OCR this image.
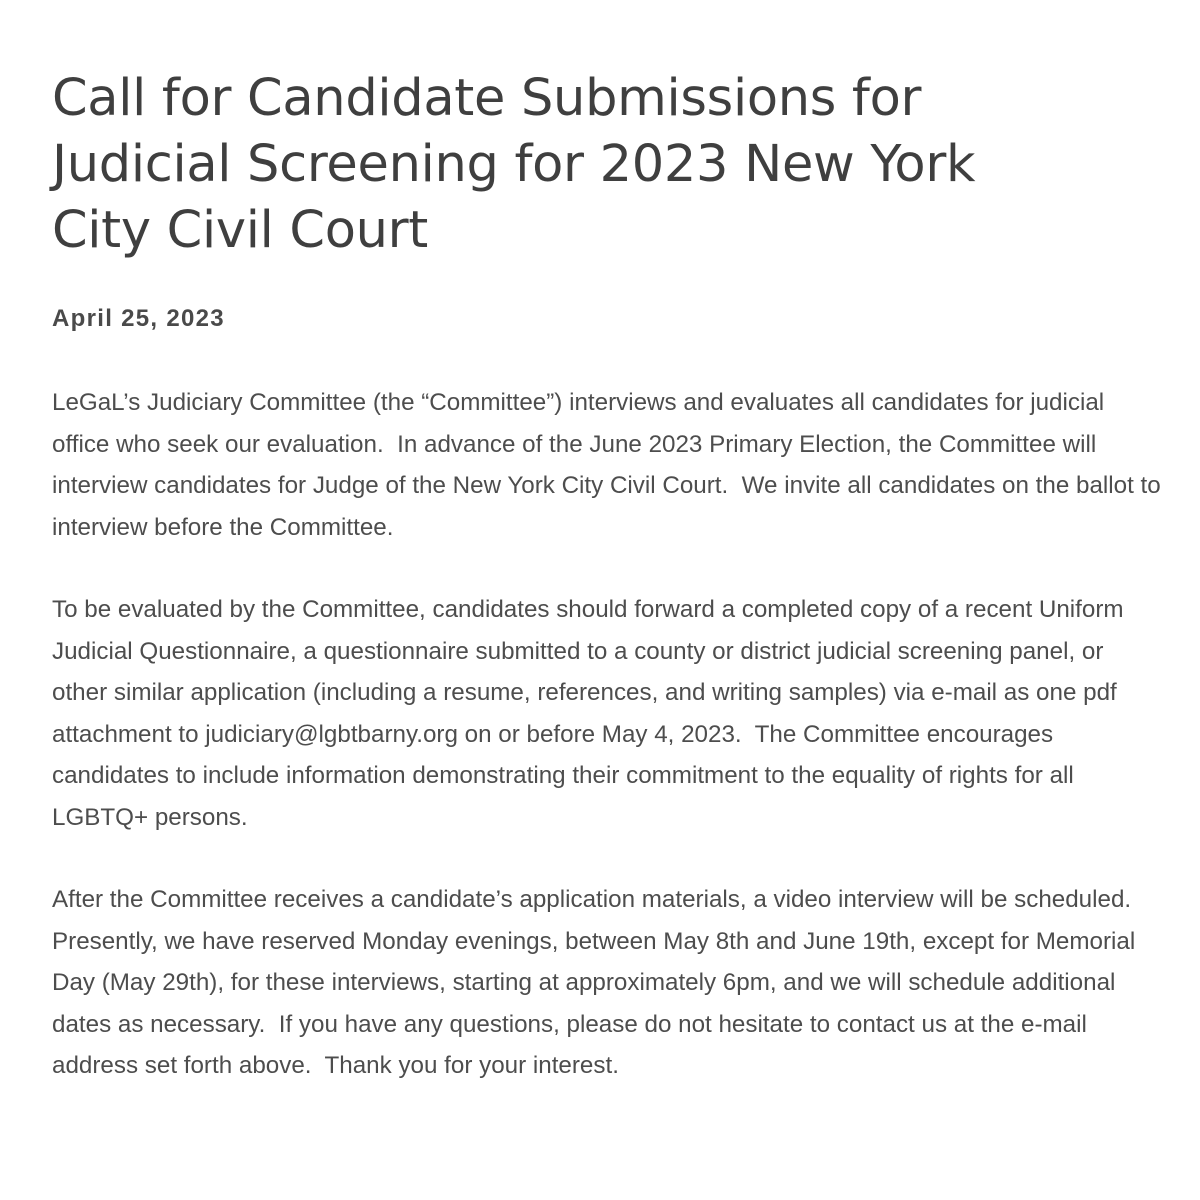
Call for Candidate Submissions for Judicial Screening for 2023 New York City Civil Court
April 25, 2023

LeGaL’s Judiciary Committee (the “Committee”) interviews and evaluates all candidates for judicial office who seek our evaluation.  In advance of the June 2023 Primary Election, the Committee will interview candidates for Judge of the New York City Civil Court.  We invite all candidates on the ballot to interview before the Committee.

To be evaluated by the Committee, candidates should forward a completed copy of a recent Uniform Judicial Questionnaire, a questionnaire submitted to a county or district judicial screening panel, or other similar application (including a resume, references, and writing samples) via e-mail as one pdf attachment to judiciary@lgbtbarny.org on or before May 4, 2023.  The Committee encourages candidates to include information demonstrating their commitment to the equality of rights for all LGBTQ+ persons.

After the Committee receives a candidate’s application materials, a video interview will be scheduled. Presently, we have reserved Monday evenings, between May 8th and June 19th, except for Memorial Day (May 29th), for these interviews, starting at approximately 6pm, and we will schedule additional dates as necessary.  If you have any questions, please do not hesitate to contact us at the e-mail address set forth above.  Thank you for your interest.
